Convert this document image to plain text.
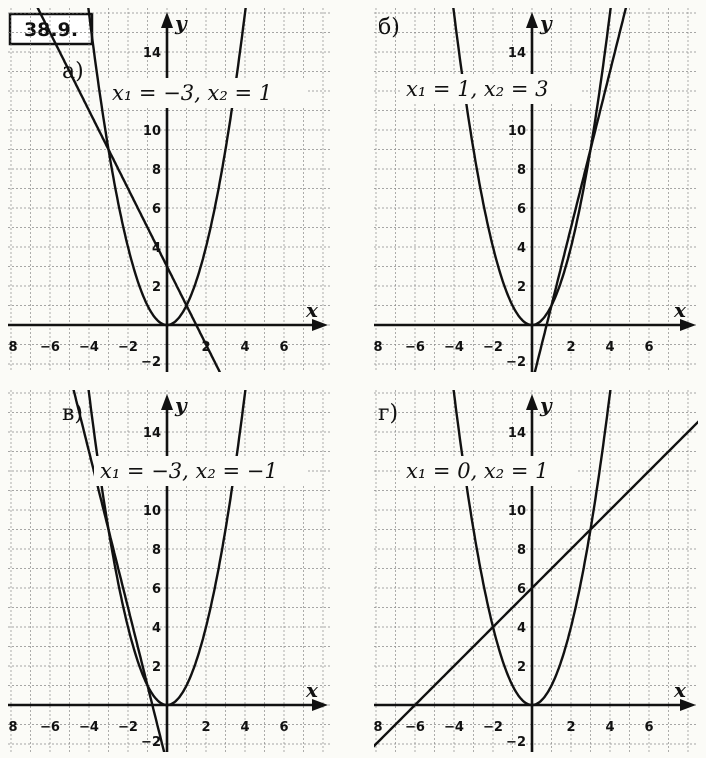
38.9.
x
y
8 −6 −4 −2	2 4 6
2
4
6
8
10
14
−2
а)
x₁ = −3, x₂ = 1
x
y
8 −6 −4 −2	2 4 6
2
4
6
8
10
14
−2
б)
x₁ = 1, x₂ = 3
x
y
8 −6 −4 −2	2 4 6
2
4
6
8
10
14
−2
в)
x₁ = −3, x₂ = −1
x
y
8 −6 −4 −2	2 4 6
2
4
6
8
10
14
−2
г)
x₁ = 0, x₂ = 1
